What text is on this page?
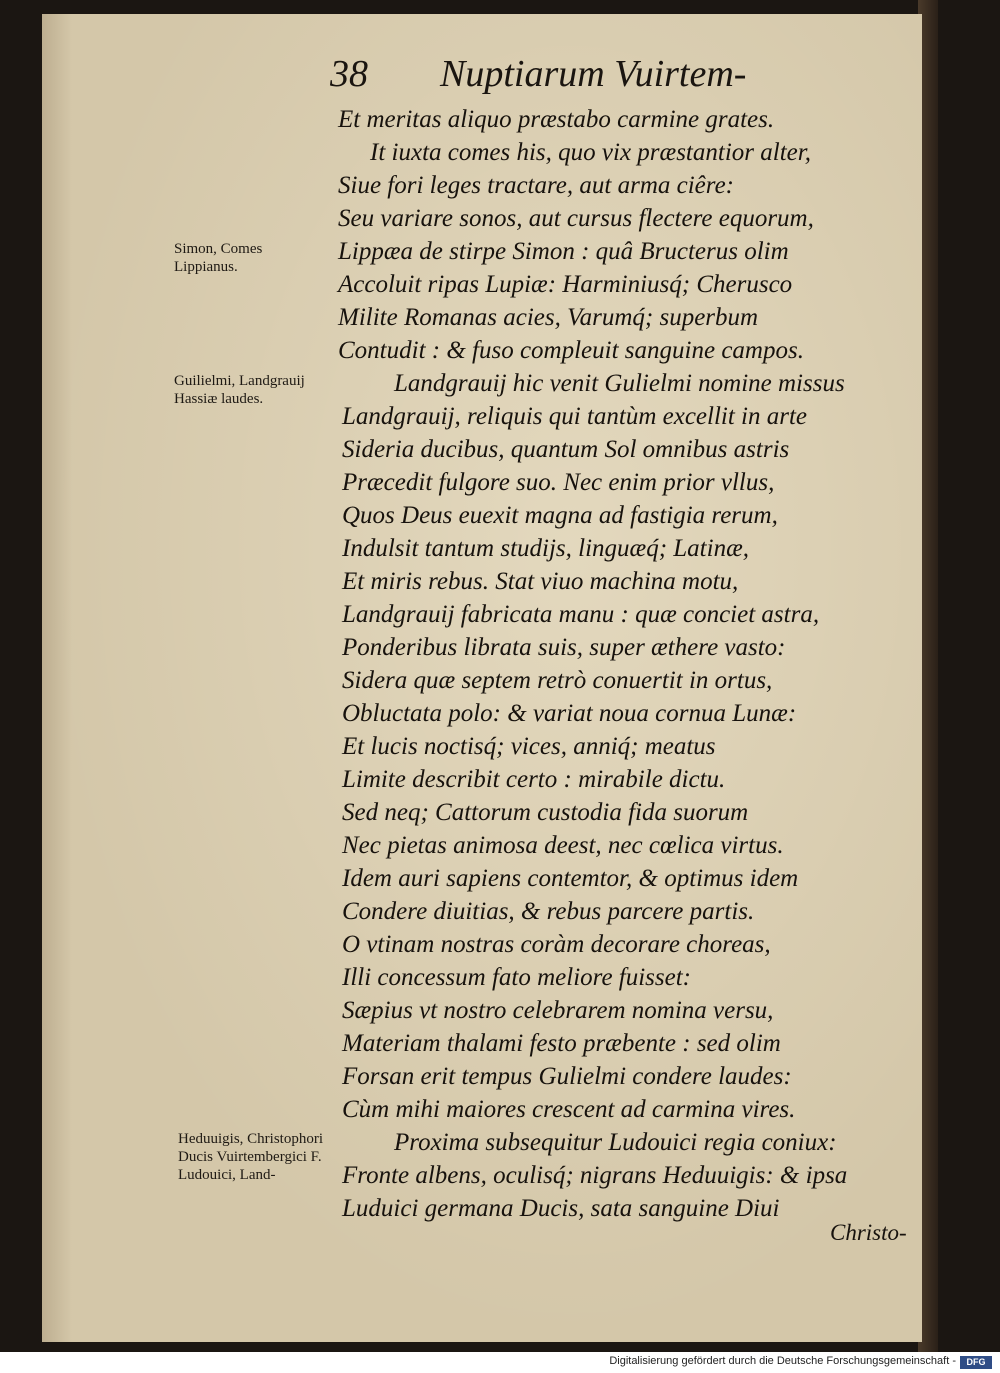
38 Nuptiarum Vuirtem-
Et meritas aliquo præstabo carmine grates.
It iuxta comes his, quo vix præstantior alter,
Siue fori leges tractare, aut arma ciêre:
Seu variare sonos, aut cursus flectere equorum,
Lippæa de stirpe Simon : quâ Bructerus olim
Accoluit ripas Lupiæ: Harminiusq́; Cherusco
Milite Romanas acies, Varumq́; superbum
Contudit : & fuso compleuit sanguine campos.
Landgrauij hic venit Gulielmi nomine missus
Landgrauij, reliquis qui tantùm excellit in arte
Sideria ducibus, quantum Sol omnibus astris
Præcedit fulgore suo. Nec enim prior vllus,
Quos Deus euexit magna ad fastigia rerum,
Indulsit tantum studijs, linguæq́; Latinæ,
Et miris rebus. Stat viuo machina motu,
Landgrauij fabricata manu : quæ conciet astra,
Ponderibus librata suis, super æthere vasto:
Sidera quæ septem retrò conuertit in ortus,
Obluctata polo: & variat noua cornua Lunæ:
Et lucis noctisq́; vices, anniq́; meatus
Limite describit certo : mirabile dictu.
Sed neq; Cattorum custodia fida suorum
Nec pietas animosa deest, nec cœlica virtus.
Idem auri sapiens contemtor, & optimus idem
Condere diuitias, & rebus parcere partis.
O vtinam nostras coràm decorare choreas,
Illi concessum fato meliore fuisset:
Sæpius vt nostro celebrarem nomina versu,
Materiam thalami festo præbente : sed olim
Forsan erit tempus Gulielmi condere laudes:
Cùm mihi maiores crescent ad carmina vires.
Proxima subsequitur Ludouici regia coniux:
Fronte albens, oculisq́; nigrans Heduuigis: & ipsa
Luduici germana Ducis, sata sanguine Diui
Simon, Comes Lippianus.
Guilielmi, Landgrauij Hassiæ laudes.
Heduuigis, Christophori Ducis Vuirtembergici F. Ludouici, Land-
Christo-
Digitalisierung gefördert durch die Deutsche Forschungsgemeinschaft -	DFG
